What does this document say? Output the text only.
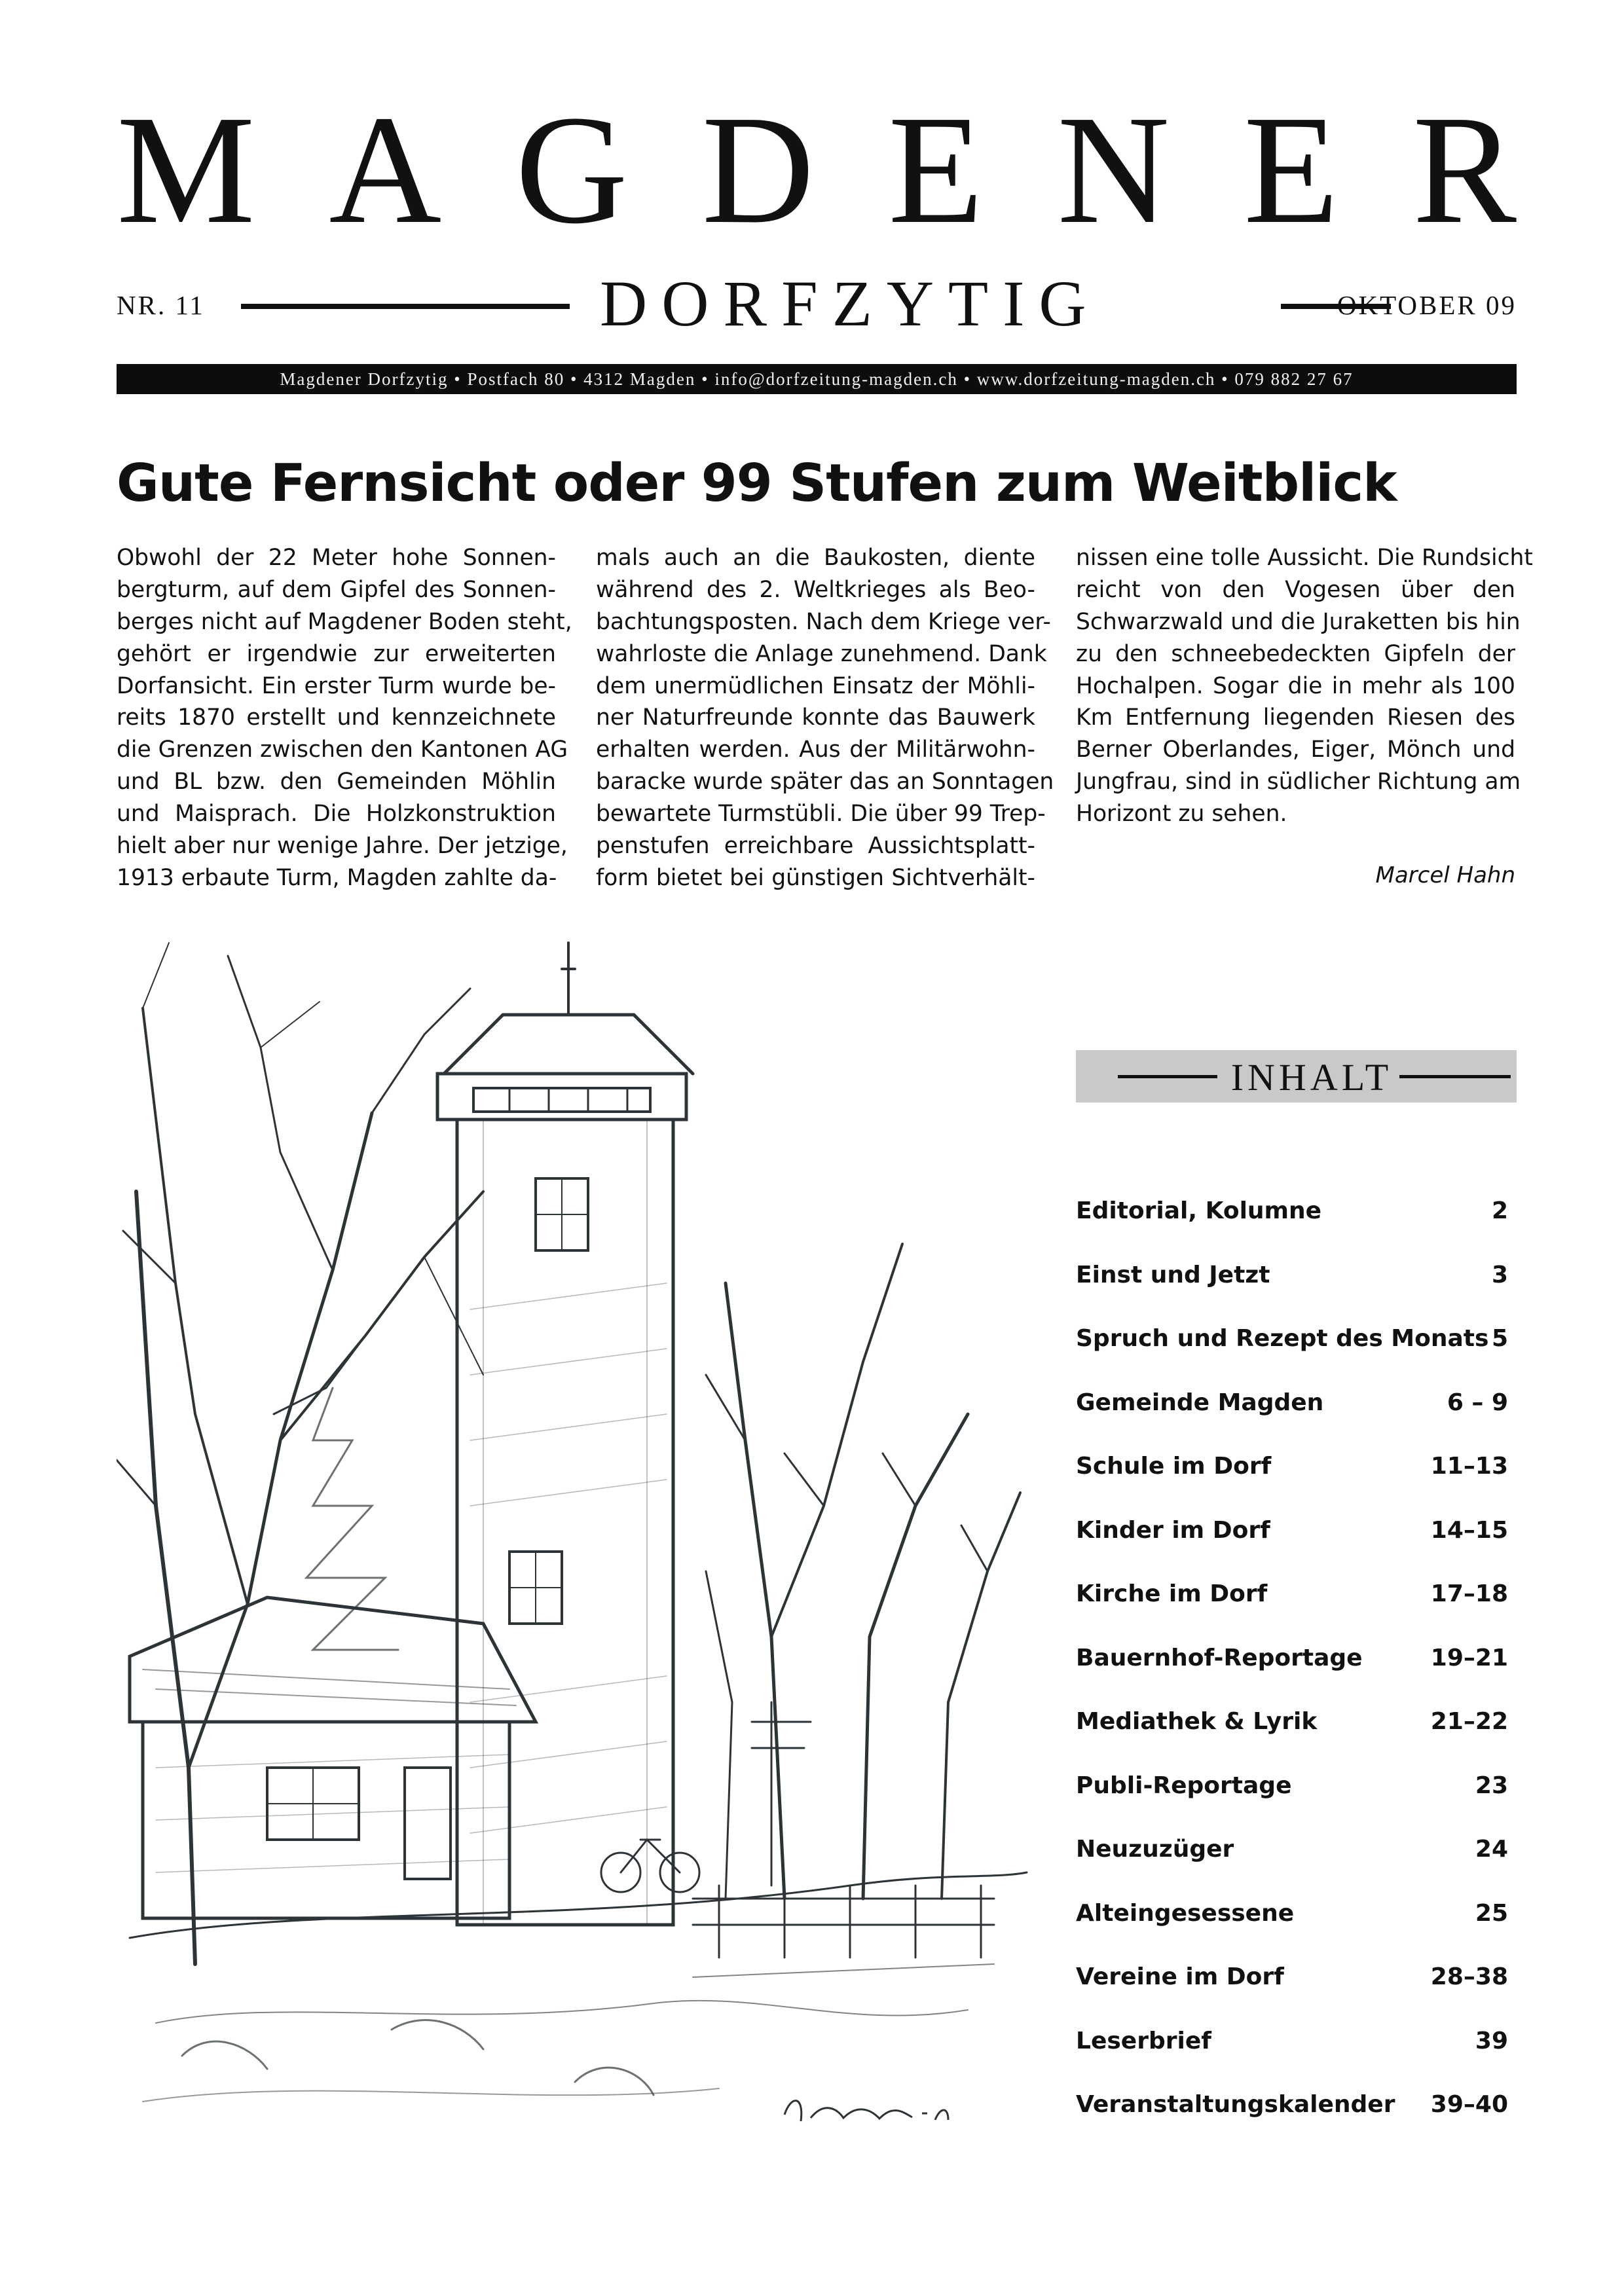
M A G D E N E R
NR. 11	DORFZYTIG	OKTOBER 09
Magdener Dorfzytig • Postfach 80 • 4312 Magden • info@dorfzeitung-magden.ch • www.dorfzeitung-magden.ch • 079 882 27 67
Gute Fernsicht oder 99 Stufen zum Weitblick
Obwohl der 22 Meter hohe Sonnen-
bergturm, auf dem Gipfel des Sonnen-
berges nicht auf Magdener Boden steht,
gehört er irgendwie zur erweiterten
Dorfansicht. Ein erster Turm wurde be-
reits 1870 erstellt und kennzeichnete
die Grenzen zwischen den Kantonen AG
und BL bzw. den Gemeinden Möhlin
und Maisprach. Die Holzkonstruktion
hielt aber nur wenige Jahre. Der jetzige,
1913 erbaute Turm, Magden zahlte da-
mals auch an die Baukosten, diente
während des 2. Weltkrieges als Beo-
bachtungsposten. Nach dem Kriege ver-
wahrloste die Anlage zunehmend. Dank
dem unermüdlichen Einsatz der Möhli-
ner Naturfreunde konnte das Bauwerk
erhalten werden. Aus der Militärwohn-
baracke wurde später das an Sonntagen
bewartete Turmstübli. Die über 99 Trep-
penstufen erreichbare Aussichtsplatt-
form bietet bei günstigen Sichtverhält-
nissen eine tolle Aussicht. Die Rundsicht
reicht von den Vogesen über den
Schwarzwald und die Juraketten bis hin
zu den schneebedeckten Gipfeln der
Hochalpen. Sogar die in mehr als 100
Km Entfernung liegenden Riesen des
Berner Oberlandes, Eiger, Mönch und
Jungfrau, sind in südlicher Richtung am
Horizont zu sehen.
Marcel Hahn
INHALT
Editorial, Kolumne	2
Einst und Jetzt	3
Spruch und Rezept des Monats 5
Gemeinde Magden	6 – 9
Schule im Dorf	11–13
Kinder im Dorf	14–15
Kirche im Dorf	17–18
Bauernhof-Reportage	19–21
Mediathek & Lyrik	21–22
Publi-Reportage	23
Neuzuzüger	24
Alteingesessene	25
Vereine im Dorf	28–38
Leserbrief	39
Veranstaltungskalender 39–40
